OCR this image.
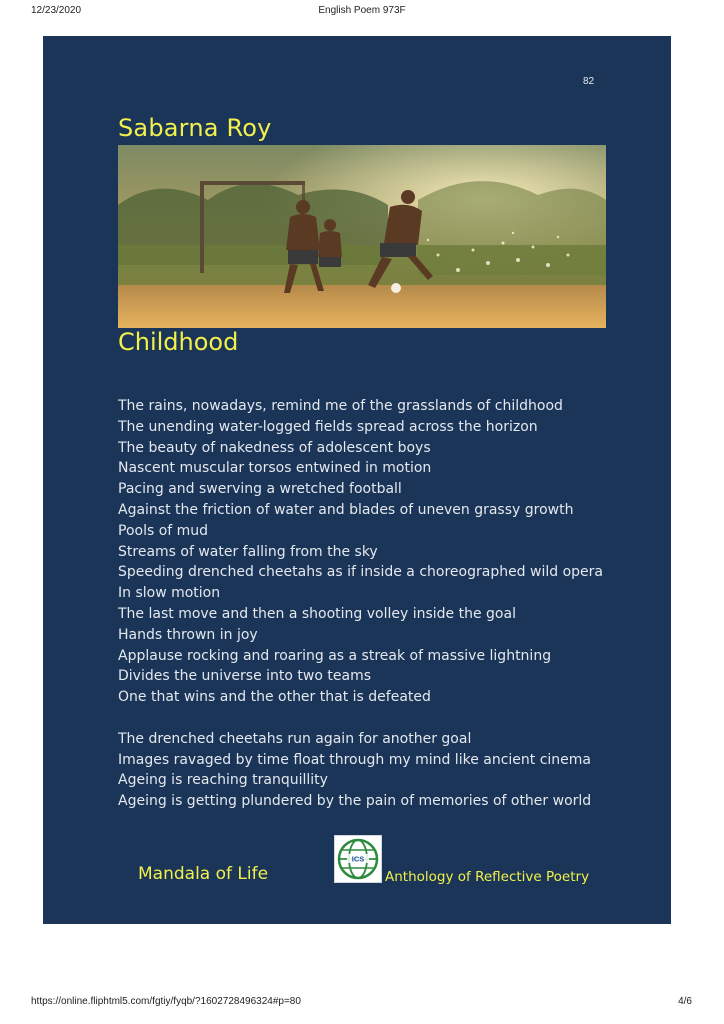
12/23/2020	English Poem 973F
82
Sabarna Roy
Childhood
The rains, nowadays, remind me of the grasslands of childhood
The unending water-logged fields spread across the horizon
The beauty of nakedness of adolescent boys
Nascent muscular torsos entwined in motion
Pacing and swerving a wretched football
Against the friction of water and blades of uneven grassy growth
Pools of mud
Streams of water falling from the sky
Speeding drenched cheetahs as if inside a choreographed wild opera
In slow motion
The last move and then a shooting volley inside the goal
Hands thrown in joy
Applause rocking and roaring as a streak of massive lightning
Divides the universe into two teams
One that wins and the other that is defeated
The drenched cheetahs run again for another goal
Images ravaged by time float through my mind like ancient cinema
Ageing is reaching tranquillity
Ageing is getting plundered by the pain of memories of other world
Mandala of Life
ICS
Anthology of Reflective Poetry
https://online.fliphtml5.com/fgtiy/fyqb/?1602728496324#p=80	4/6
